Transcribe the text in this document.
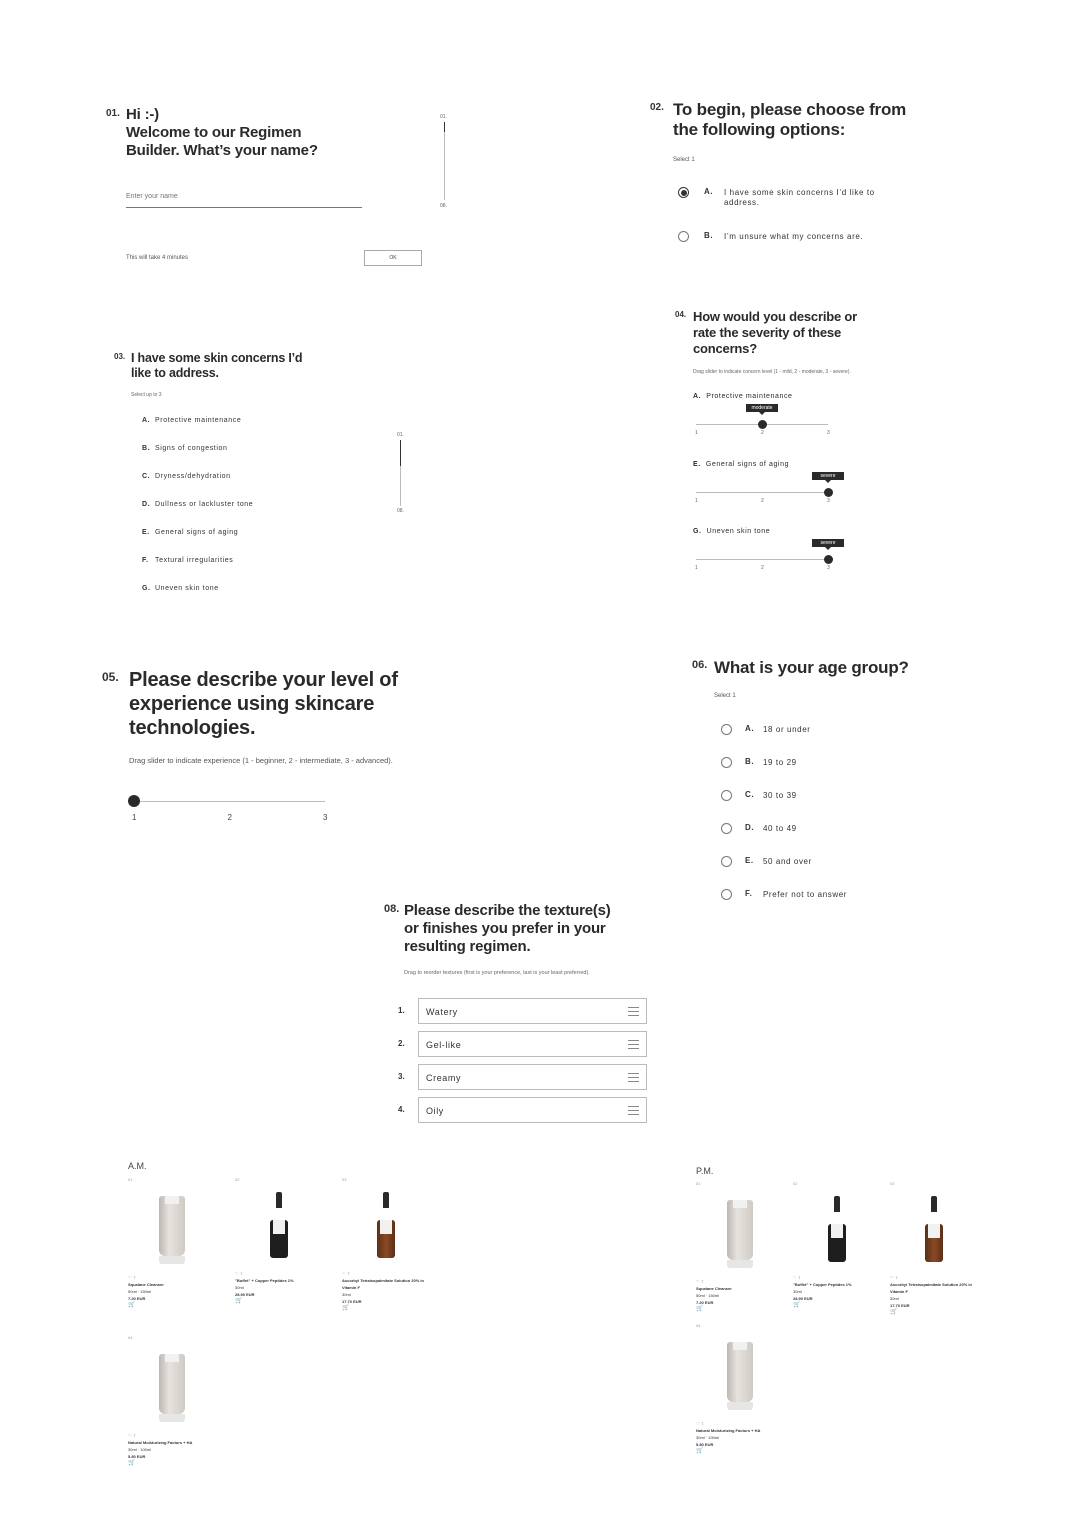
01. Hi :-)
Welcome to our Regimen
Builder. What’s your name?
Enter your name
This will take 4 minutes	OK
01.
08.
02. To begin, please choose from
the following options:
Select 1
A. I have some skin concerns I’d like to
address.
B. I’m unsure what my concerns are.
03. I have some skin concerns I’d
like to address.
Select up to 3
A. Protective maintenance
B. Signs of congestion
C. Dryness/dehydration
D. Dullness or lackluster tone
E. General signs of aging
F. Textural irregularities
G. Uneven skin tone
01.
08.
04. How would you describe or
rate the severity of these
concerns?
Drag slider to indicate concern level (1 - mild, 2 - moderate, 3 - severe).
A. Protective maintenance
moderate
1	2	3
E. General signs of aging
severe
1	2	3
G. Uneven skin tone
severe
1	2	3
05. Please describe your level of
experience using skincare
technologies.
Drag slider to indicate experience (1 - beginner, 2 - intermediate, 3 - advanced).
1	2	3
06. What is your age group?
Select 1
A. 18 or under
B. 19 to 29
C. 30 to 39
D. 40 to 49
E. 50 and over
F. Prefer not to answer
08. Please describe the texture(s)
or finishes you prefer in your
resulting regimen.
Drag to reorder textures (first is your preference, last is your least preferred).
1.	Watery
2.	Gel-like
3.	Creamy
4.	Oily
A.M.
01
♡ ⇪
Squalane Cleanser
50ml · 150ml
7.20 EUR
🛒
02
♡ ⇪
"Buffet" + Copper Peptides 1%
30ml
28.90 EUR
🛒
03
♡ ⇪
Ascorbyl Tetraisopalmitate Solution 20% in Vitamin F
30ml
17.70 EUR
🛒
04
♡ ⇪
Natural Moisturizing Factors + HA
30ml · 100ml
5.80 EUR
🛒
P.M.
01
♡ ⇪
Squalane Cleanser
50ml · 150ml
7.20 EUR
🛒
02
♡ ⇪
"Buffet" + Copper Peptides 1%
30ml
28.90 EUR
🛒
03
♡ ⇪
Ascorbyl Tetraisopalmitate Solution 20% in Vitamin F
30ml
17.70 EUR
🛒
04
♡ ⇪
Natural Moisturizing Factors + HA
30ml · 100ml
5.80 EUR
🛒
